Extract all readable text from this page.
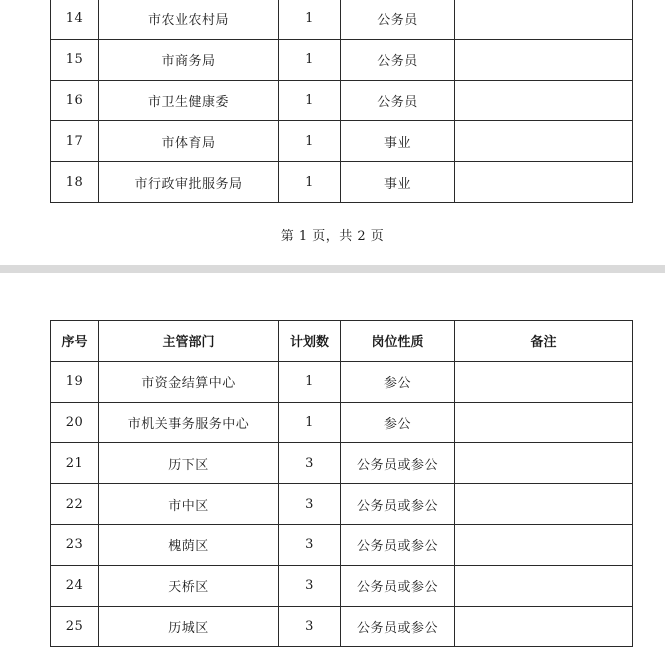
14	市农业农村局	1	公务员	
15	市商务局	1	公务员	
16	市卫生健康委	1	公务员	
17	市体育局	1	事业	
18	市行政审批服务局	1	事业	
第 1 页，共 2 页
序号	主管部门	计划数	岗位性质	备注
19	市资金结算中心	1	参公	
20	市机关事务服务中心	1	参公	
21	历下区	3	公务员或参公	
22	市中区	3	公务员或参公	
23	槐荫区	3	公务员或参公	
24	天桥区	3	公务员或参公	
25	历城区	3	公务员或参公	
